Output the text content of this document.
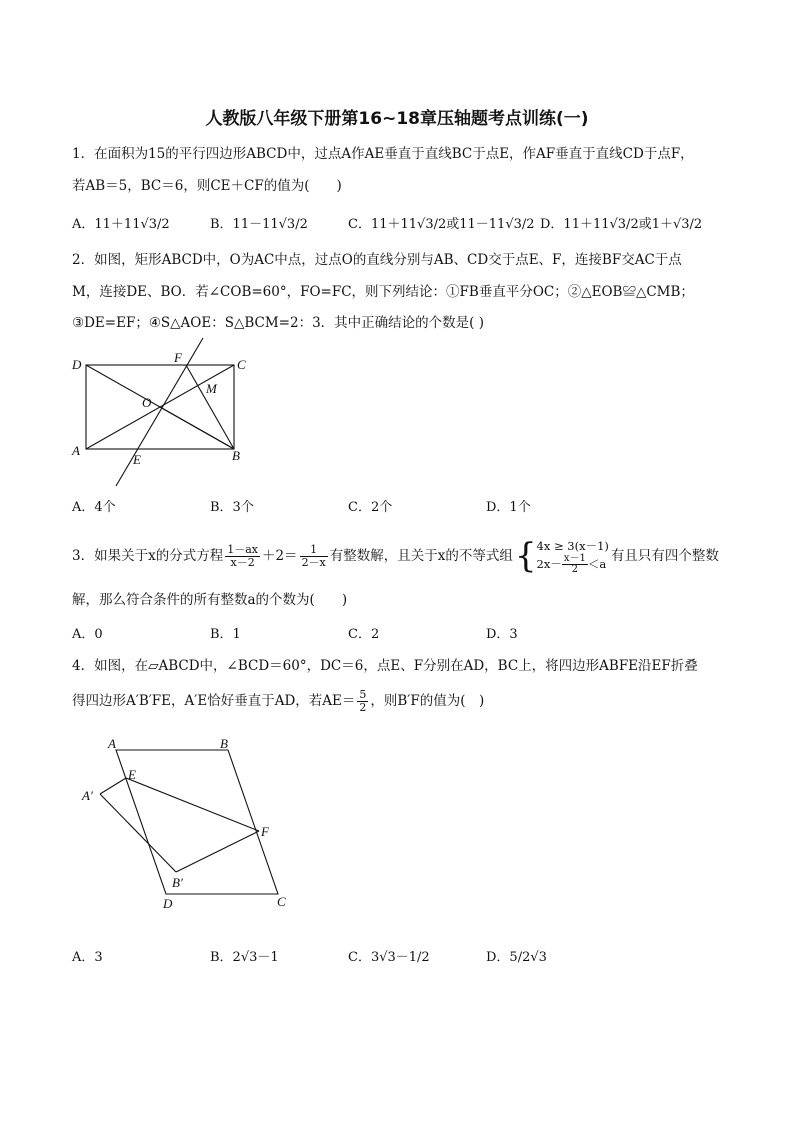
人教版八年级下册第16~18章压轴题考点训练(一)
1．在面积为15的平行四边形ABCD中，过点A作AE垂直于直线BC于点E，作AF垂直于直线CD于点F，
若AB＝5，BC＝6，则CE＋CF的值为(　　)
A．11＋11√3/2	B．11－11√3/2	C．11＋11√3/2或11－11√3/2 D．11＋11√3/2或1＋√3/2
2．如图，矩形ABCD中，O为AC中点，过点O的直线分别与AB、CD交于点E、F，连接BF交AC于点
M，连接DE、BO．若∠COB=60°，FO=FC，则下列结论：①FB垂直平分OC；②△EOB≌△CMB；
③DE=EF；④S△AOE：S△BCM=2：3．其中正确结论的个数是( )
D	F	C
O
M
A
E	B
A．4个	B．3个	C．2个	D．1个
3．如果关于x的分式方程 $\frac{1-ax}{x-2} +2= \frac{1}{2-x}$ 有整数解，且关于x的不等式组 { 4x ≥ 3(x－1)
$2x- \frac{x-1}{2} <a$ 有且只有四个整数
解，那么符合条件的所有整数a的个数为(　　)
A．0	B．1	C．2	D．3
4．如图，在▱ABCD中，∠BCD＝60°，DC＝6，点E、F分别在AD，BC上，将四边形ABFE沿EF折叠
得四边形A′B′FE，A′E恰好垂直于AD，若$AE= \frac{5}{2}$ ，则B′F的值为(　)
A	B
E
A′
F
B′
D	C
A．3	B．2√3－1	C．3√3－1/2	D．5/2√3
